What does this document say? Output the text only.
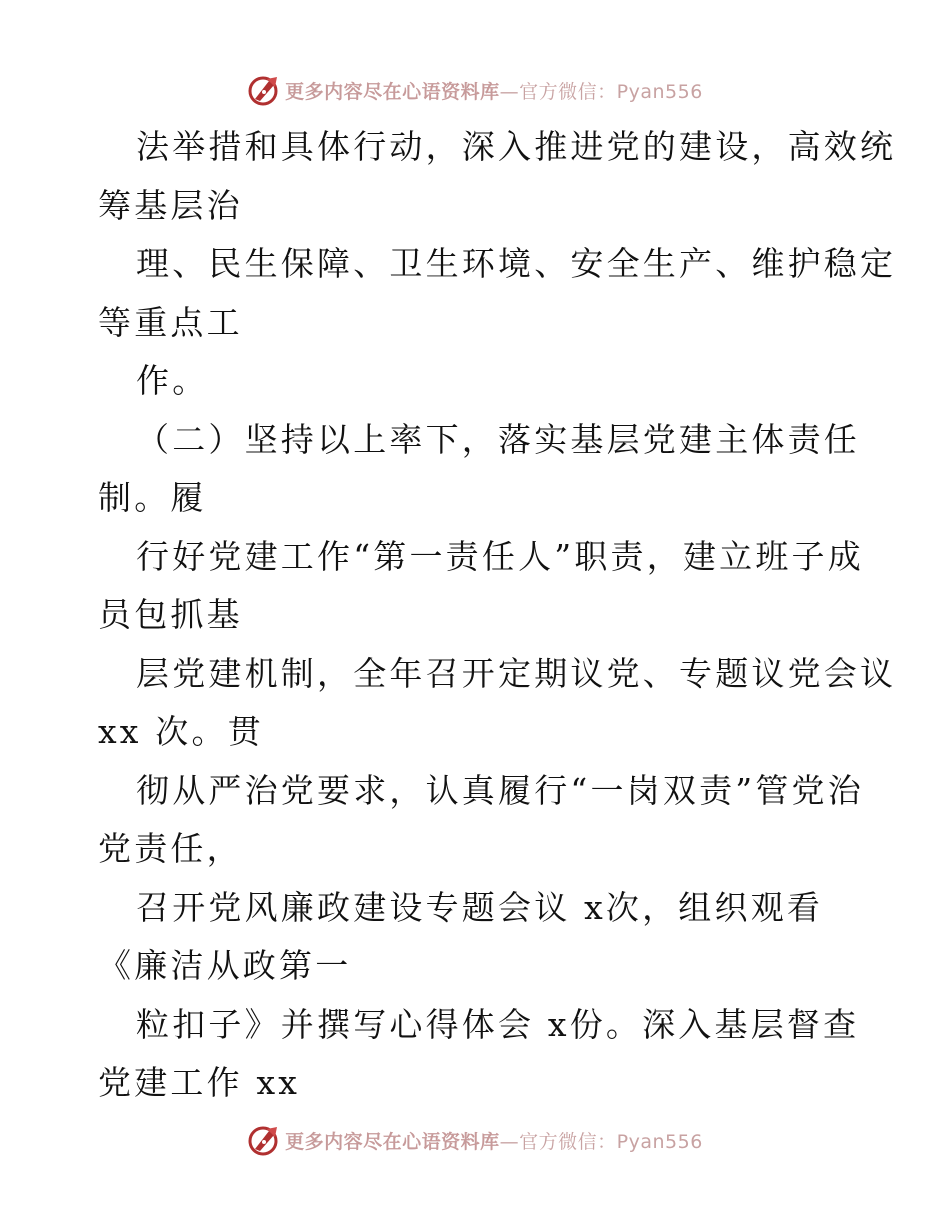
更多内容尽在心语资料库—官方微信：Pyan556
法举措和具体行动，深入推进党的建设，高效统
筹基层治
理、民生保障、卫生环境、安全生产、维护稳定
等重点工
作。
（二）坚持以上率下，落实基层党建主体责任
制。履
行好党建工作“第一责任人”职责，建立班子成
员包抓基
层党建机制，全年召开定期议党、专题议党会议
xx 次。贯
彻从严治党要求，认真履行“一岗双责”管党治
党责任，
召开党风廉政建设专题会议 x次，组织观看
《廉洁从政第一
粒扣子》并撰写心得体会 x份。深入基层督查
党建工作 xx
更多内容尽在心语资料库—官方微信：Pyan556
